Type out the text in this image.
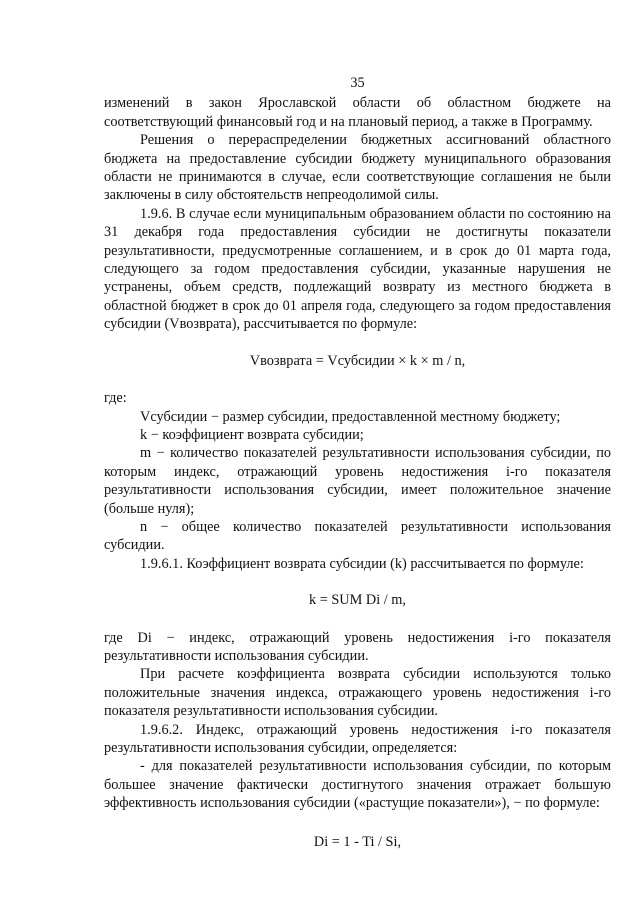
35

изменений в закон Ярославской области об областном бюджете на соответствующий финансовый год и на плановый период, а также в Программу.

Решения о перераспределении бюджетных ассигнований областного бюджета на предоставление субсидии бюджету муниципального образования области не принимаются в случае, если соответствующие соглашения не были заключены в силу обстоятельств непреодолимой силы.

1.9.6. В случае если муниципальным образованием области по состоянию на 31 декабря года предоставления субсидии не достигнуты показатели результативности, предусмотренные соглашением, и в срок до 01 марта года, следующего за годом предоставления субсидии, указанные нарушения не устранены, объем средств, подлежащий возврату из местного бюджета в областной бюджет в срок до 01 апреля года, следующего за годом предоставления субсидии (Vвозврата), рассчитывается по формуле:

Vвозврата = Vсубсидии × k × m / n,

где:

Vсубсидии − размер субсидии, предоставленной местному бюджету;

k − коэффициент возврата субсидии;

m − количество показателей результативности использования субсидии, по которым индекс, отражающий уровень недостижения i-го показателя результативности использования субсидии, имеет положительное значение (больше нуля);

n − общее количество показателей результативности использования субсидии.

1.9.6.1. Коэффициент возврата субсидии (k) рассчитывается по формуле:

k = SUM Di / m,

где Di − индекс, отражающий уровень недостижения i-го показателя результативности использования субсидии.

При расчете коэффициента возврата субсидии используются только положительные значения индекса, отражающего уровень недостижения i-го показателя результативности использования субсидии.

1.9.6.2. Индекс, отражающий уровень недостижения i-го показателя результативности использования субсидии, определяется:

- для показателей результативности использования субсидии, по которым большее значение фактически достигнутого значения отражает большую эффективность использования субсидии («растущие показатели»), − по формуле:

Di = 1 - Ti / Si,
